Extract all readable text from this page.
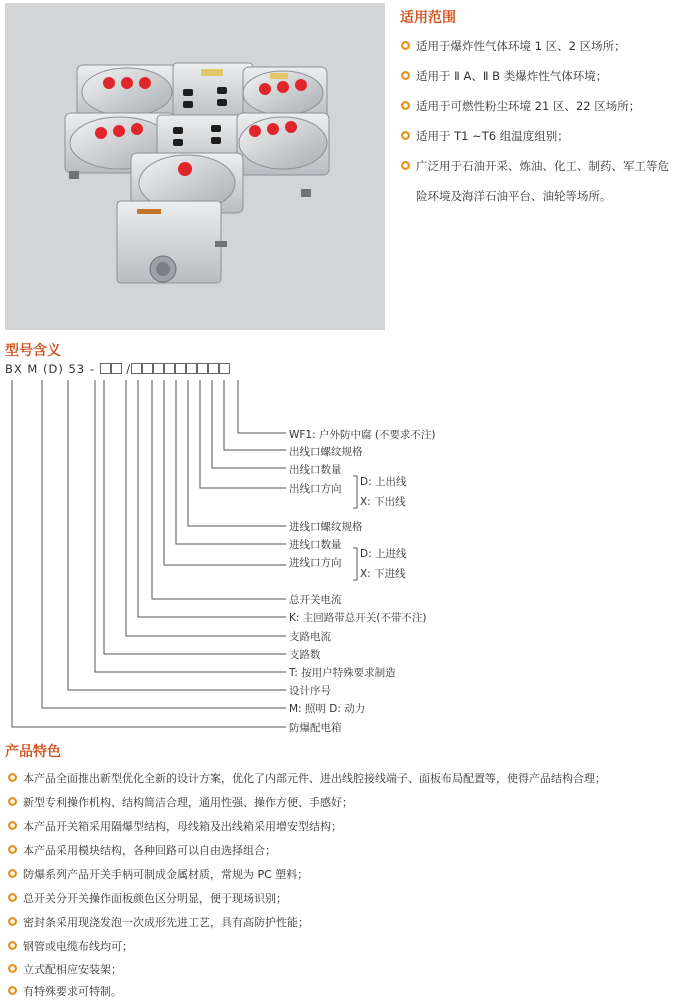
适用范围
适用于爆炸性气体环境 1 区、2 区场所；
适用于 Ⅱ A、Ⅱ B 类爆炸性气体环境；
适用于可燃性粉尘环境 21 区、22 区场所；
适用于 T1 ~T6 组温度组别；
广泛用于石油开采、炼油、化工、制药、军工等危
险环境及海洋石油平台、油轮等场所。
型号含义
BX M (D) 53 -	/
WF1: 户外防中腐 (不要求不注)
出线口螺纹规格
出线口数量
出线口方向
D: 上出线
X: 下出线
进线口螺纹规格
进线口数量
进线口方向
D: 上进线
X: 下进线
总开关电流
K: 主回路带总开关(不带不注)
支路电流
支路数
T: 按用户特殊要求制造
设计序号
M: 照明 D: 动力
防爆配电箱
产品特色
本产品全面推出新型优化全新的设计方案，优化了内部元件、进出线腔接线端子、面板布局配置等，使得产品结构合理；
新型专利操作机构、结构简洁合理，通用性强、操作方便、手感好；
本产品开关箱采用隔爆型结构，母线箱及出线箱采用增安型结构；
本产品采用模块结构，各种回路可以自由选择组合；
防爆系列产品开关手柄可制成金属材质，常规为 PC 塑料；
总开关分开关操作面板颜色区分明显，便于现场识别；
密封条采用现浇发泡一次成形先进工艺，具有高防护性能；
钢管或电缆布线均可；
立式配相应安装架；
有特殊要求可特制。
